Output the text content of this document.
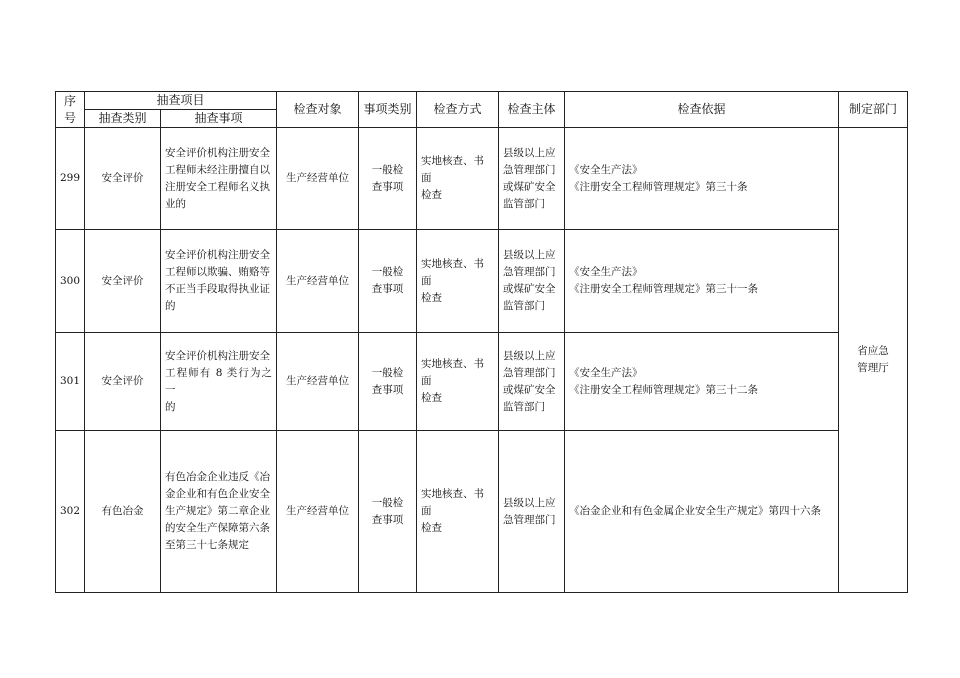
序号	抽查项目		检查对象	事项类别	检查方式	检查主体	检查依据	制定部门
	抽查类别	抽查事项						
299	安全评价	安全评价机构注册安全
工程师未经注册擅自以
注册安全工程师名义执
业的	生产经营单位	一般检
查事项	实地核查、书面
检查	县级以上应
急管理部门
或煤矿安全
监管部门	《安全生产法》
《注册安全工程师管理规定》第三十条	省应急
管理厅

300	安全评价	安全评价机构注册安全
工程师以欺骗、贿赂等
不正当手段取得执业证
的	生产经营单位	一般检
查事项	实地核查、书面
检查	县级以上应
急管理部门
或煤矿安全
监管部门	《安全生产法》
《注册安全工程师管理规定》第三十一条	

301	安全评价	安全评价机构注册安全
工程师有 8 类行为之一
的	生产经营单位	一般检
查事项	实地核查、书面
检查	县级以上应
急管理部门
或煤矿安全
监管部门	《安全生产法》
《注册安全工程师管理规定》第三十二条	

302	有色冶金	有色冶金企业违反《冶
金企业和有色企业安全
生产规定》第二章企业
的安全生产保障第六条
至第三十七条规定	生产经营单位	一般检
查事项	实地核查、书面
检查	县级以上应
急管理部门	《冶金企业和有色金属企业安全生产规定》第四十六条	
